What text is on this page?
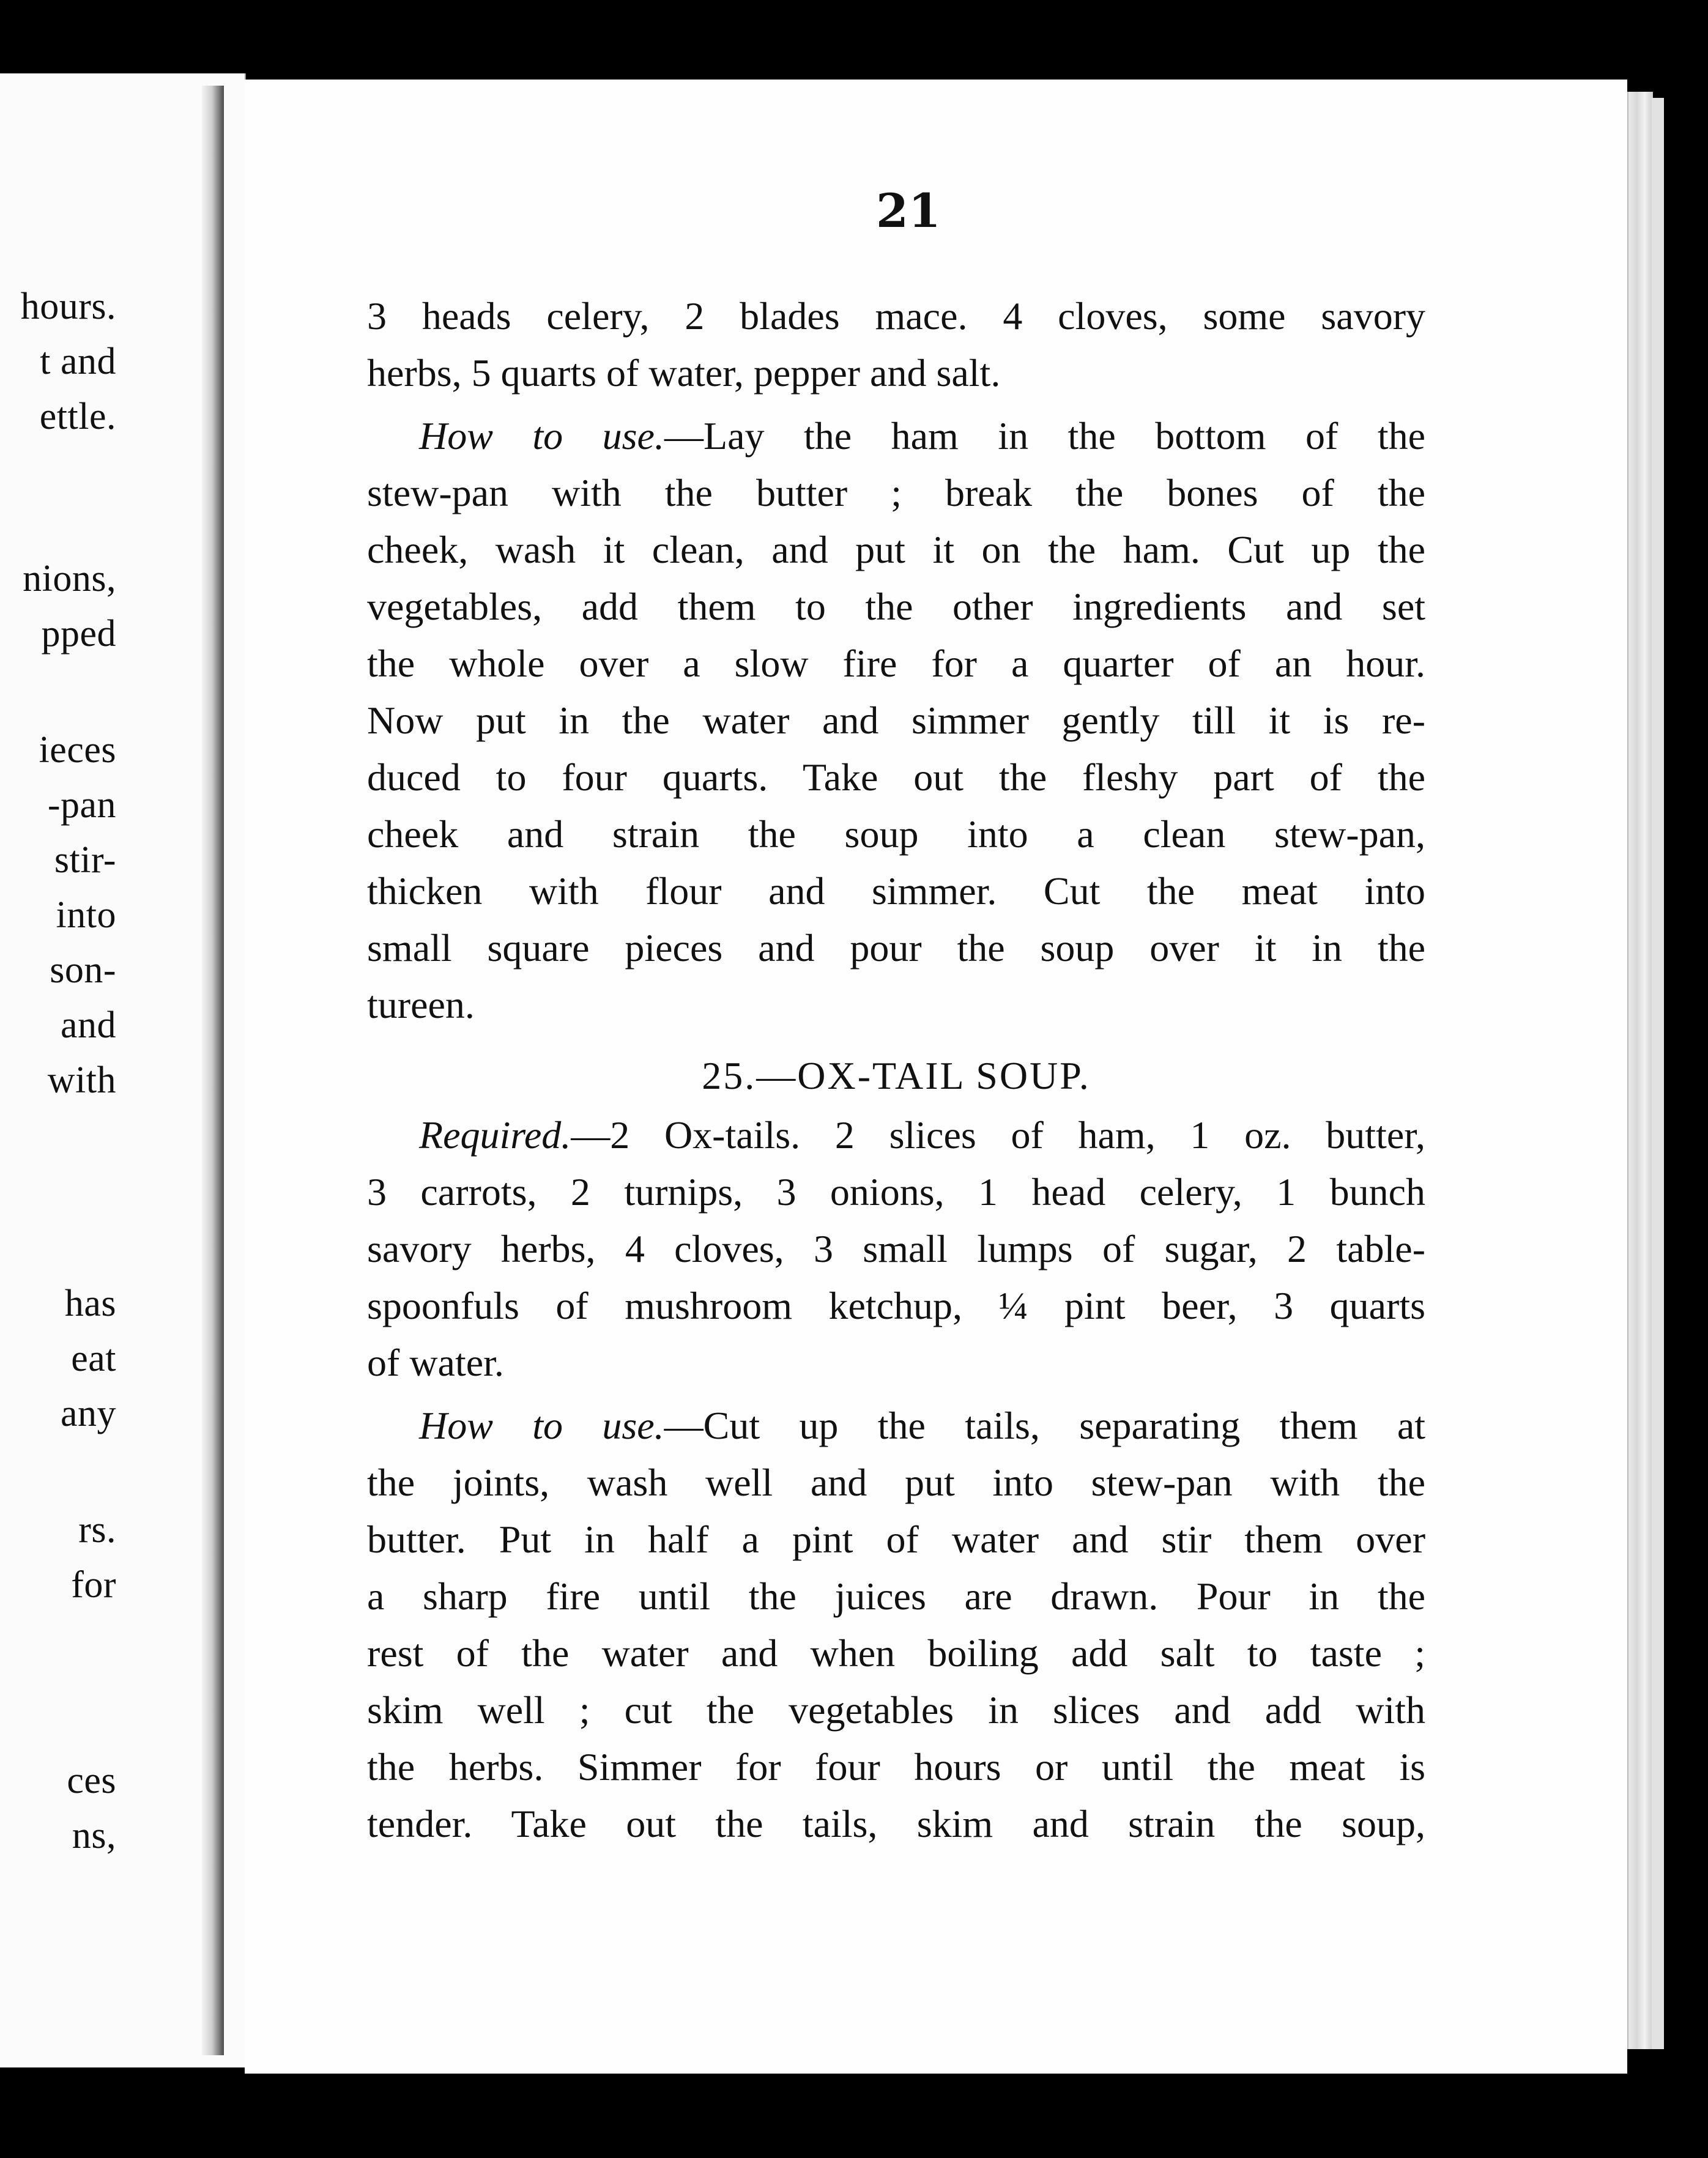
hours.
t and
ettle.
nions,
pped
ieces
-pan
stir-
into
son-
and
with
has
eat
any
rs.
for
ces
ns,
21
3 heads celery, 2 blades mace. 4 cloves, some savory
herbs, 5 quarts of water, pepper and salt.
How to use.—Lay the ham in the bottom of the
stew-pan with the butter ; break the bones of the
cheek, wash it clean, and put it on the ham. Cut up the
vegetables, add them to the other ingredients and set
the whole over a slow fire for a quarter of an hour.
Now put in the water and simmer gently till it is re-
duced to four quarts. Take out the fleshy part of the
cheek and strain the soup into a clean stew-pan,
thicken with flour and simmer. Cut the meat into
small square pieces and pour the soup over it in the
tureen.
25.—OX-TAIL SOUP.
Required.—2 Ox-tails. 2 slices of ham, 1 oz. butter,
3 carrots, 2 turnips, 3 onions, 1 head celery, 1 bunch
savory herbs, 4 cloves, 3 small lumps of sugar, 2 table-
spoonfuls of mushroom ketchup, ¼ pint beer, 3 quarts
of water.
How to use.—Cut up the tails, separating them at
the joints, wash well and put into stew-pan with the
butter. Put in half a pint of water and stir them over
a sharp fire until the juices are drawn. Pour in the
rest of the water and when boiling add salt to taste ;
skim well ; cut the vegetables in slices and add with
the herbs. Simmer for four hours or until the meat is
tender. Take out the tails, skim and strain the soup,
